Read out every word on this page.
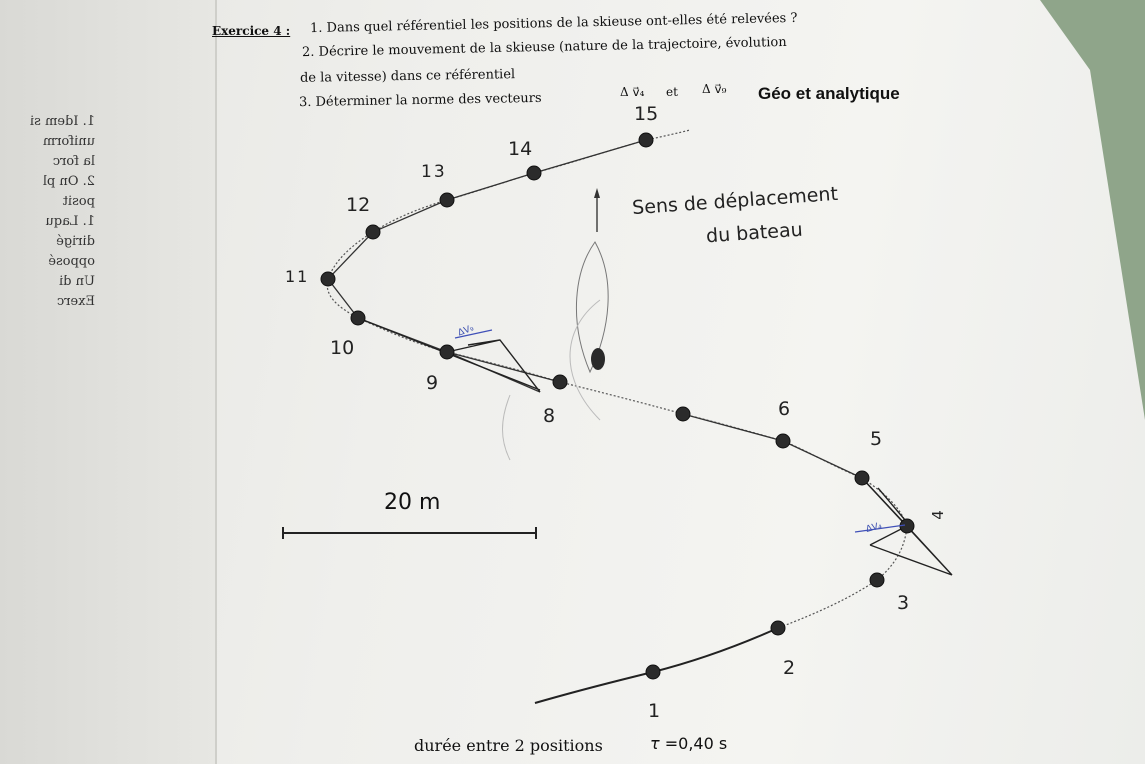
1. Idem si
uniform
la forc
2. On pl
posit
1. Laqu
dirigé
opposé
Un di
Exerc
Exercice 4 : 1. Dans quel référentiel les positions de la skieuse ont-elles été relevées ?
2. Décrire le mouvement de la skieuse (nature de la trajectoire, évolution
de la vitesse) dans ce référentiel
3. Déterminer la norme des vecteurs	Δ v⃗₄ et Δ v⃗₉ Géo et analytique
1
2
3
4
5
6
8
9
10
11
12
13
14
15
Sens de déplacement
du bateau
ΔV₉
ΔV₄
20 m
durée entre 2 positions	τ =0,40 s
